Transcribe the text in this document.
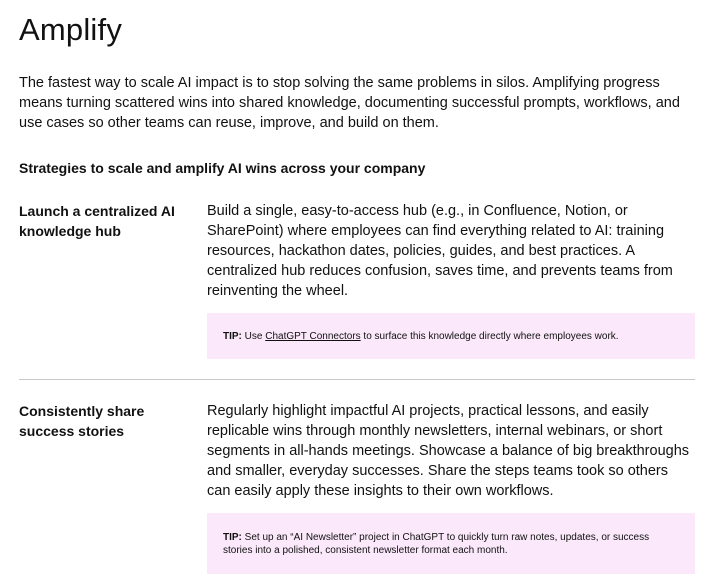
Amplify

The fastest way to scale AI impact is to stop solving the same problems in silos. Amplifying progress means turning scattered wins into shared knowledge, documenting successful prompts, workflows, and use cases so other teams can reuse, improve, and build on them.

Strategies to scale and amplify AI wins across your company
Launch a centralized AI knowledge hub

Build a single, easy-to-access hub (e.g., in Confluence, Notion, or SharePoint) where employees can find everything related to AI: training resources, hackathon dates, policies, guides, and best practices. A centralized hub reduces confusion, saves time, and prevents teams from reinventing the wheel.

TIP: Use ChatGPT Connectors to surface this knowledge directly where employees work.
Consistently share success stories

Regularly highlight impactful AI projects, practical lessons, and easily replicable wins through monthly newsletters, internal webinars, or short segments in all-hands meetings. Showcase a balance of big breakthroughs and smaller, everyday successes. Share the steps teams took so others can easily apply these insights to their own workflows.

TIP: Set up an “AI Newsletter” project in ChatGPT to quickly turn raw notes, updates, or success stories into a polished, consistent newsletter format each month.
